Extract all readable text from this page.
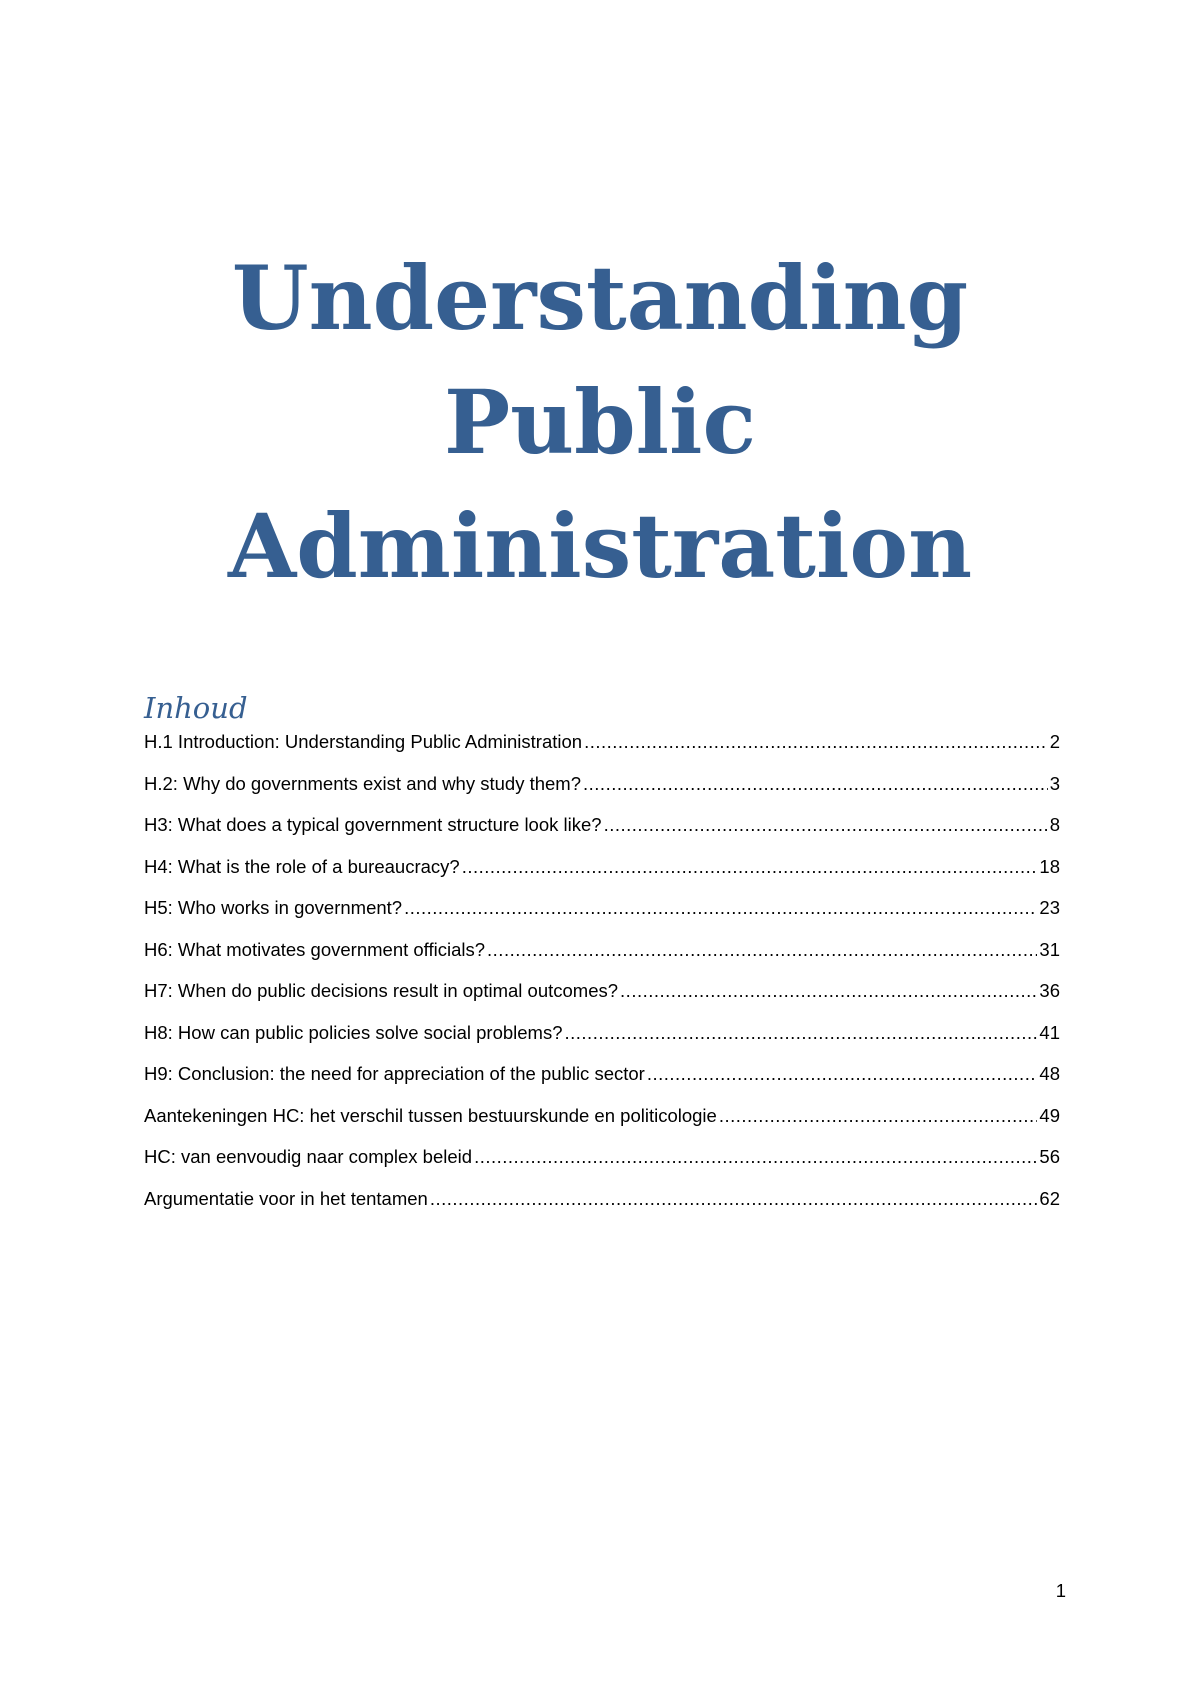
Understanding
Public
Administration
Inhoud
H.1 Introduction: Understanding Public Administration .....	2
H.2: Why do governments exist and why study them? .....	3
H3: What does a typical government structure look like? .....	8
H4: What is the role of a bureaucracy? .....	18
H5: Who works in government? .....	23
H6: What motivates government officials? .....	31
H7: When do public decisions result in optimal outcomes? .....	36
H8: How can public policies solve social problems? .....	41
H9: Conclusion: the need for appreciation of the public sector .....	48
Aantekeningen HC: het verschil tussen bestuurskunde en politicologie .....	49
HC: van eenvoudig naar complex beleid .....	56
Argumentatie voor in het tentamen .....	62
1
